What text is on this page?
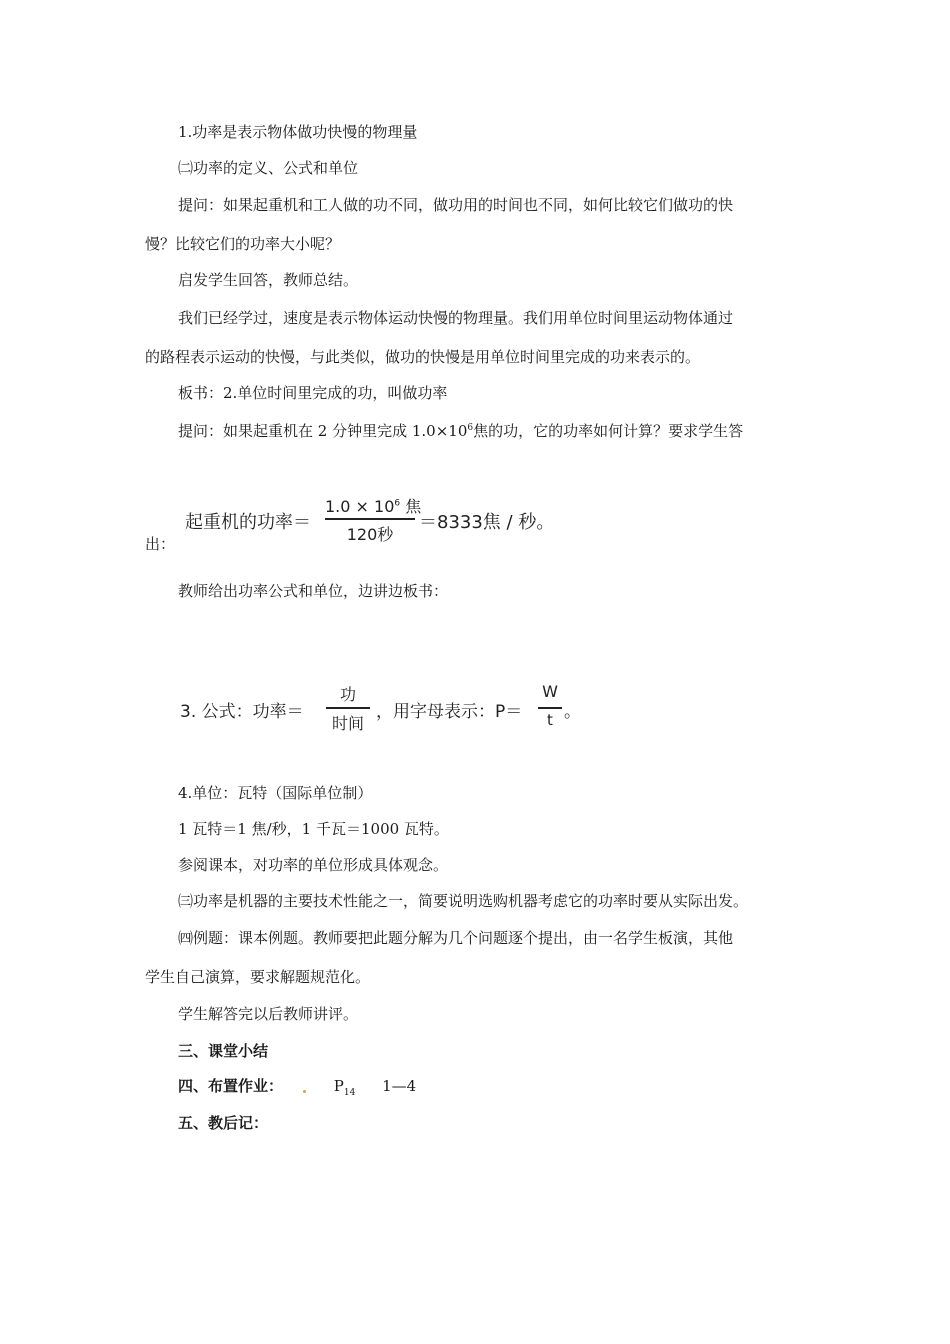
1.功率是表示物体做功快慢的物理量
㈡功率的定义、公式和单位
提问：如果起重机和工人做的功不同，做功用的时间也不同，如何比较它们做功的快
慢？比较它们的功率大小呢？
启发学生回答，教师总结。
我们已经学过，速度是表示物体运动快慢的物理量。我们用单位时间里运动物体通过
的路程表示运动的快慢，与此类似，做功的快慢是用单位时间里完成的功来表示的。
板书：2.单位时间里完成的功，叫做功率
提问：如果起重机在 2 分钟里完成 $1.0\times 10^6$焦的功，它的功率如何计算？要求学生答
起重机的功率＝
$1.0 \times 10^6$ 焦
120秒
＝8333焦 / 秒。
出：
教师给出功率公式和单位，边讲边板书：
3. 公式：功率＝
功
时间
，用字母表示：P＝
W
t 。
4.单位：瓦特（国际单位制）
1 瓦特＝1 焦/秒，1 千瓦＝1000 瓦特。
参阅课本，对功率的单位形成具体观念。
㈢功率是机器的主要技术性能之一，简要说明选购机器考虑它的功率时要从实际出发。
㈣例题：课本例题。教师要把此题分解为几个问题逐个提出，由一名学生板演，其他
学生自己演算，要求解题规范化。
学生解答完以后教师讲评。
三、课堂小结
四、布置作业：	$P_{14}$ 1—4
五、教后记：
